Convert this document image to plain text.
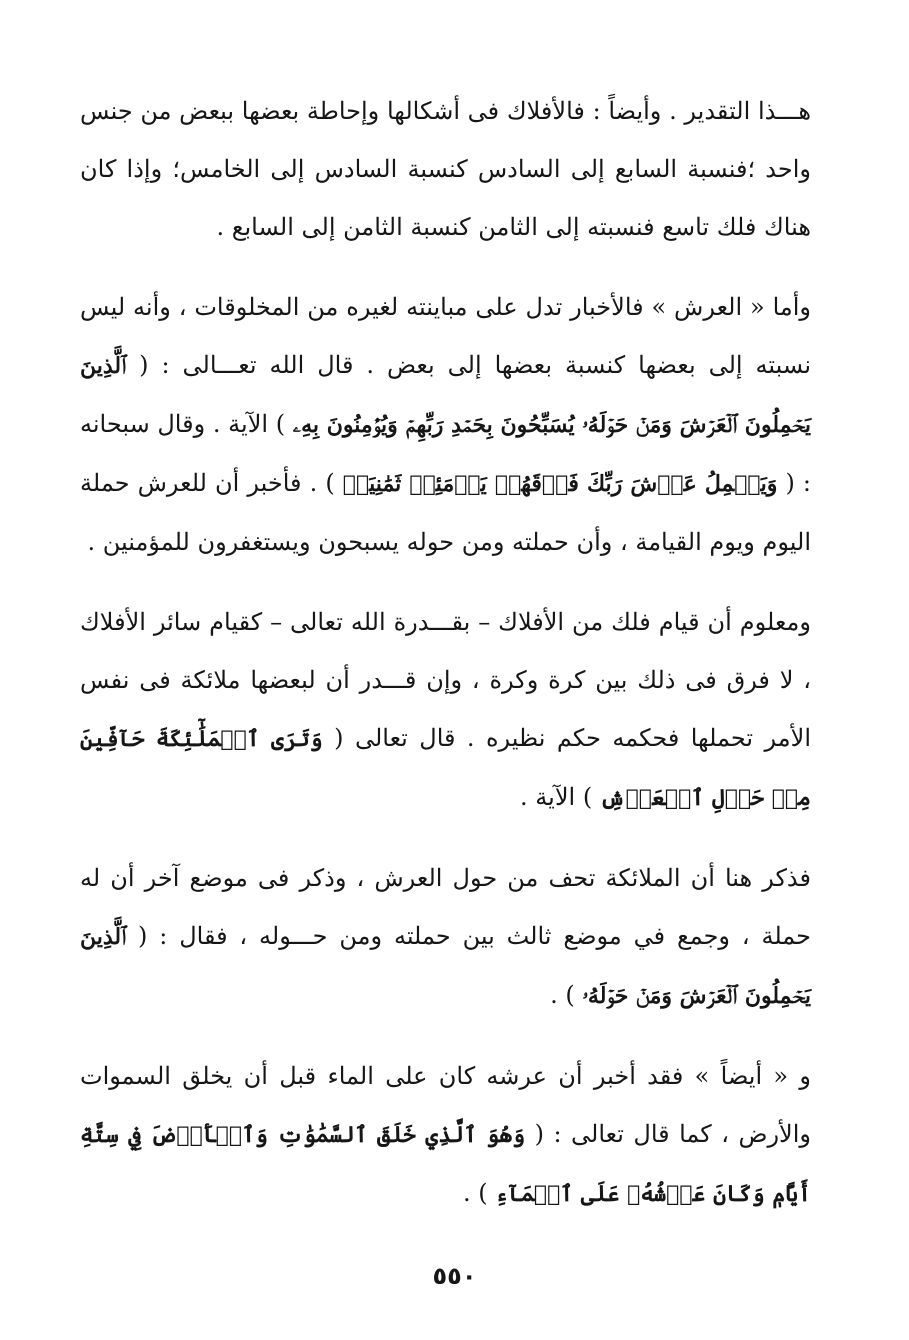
هـــذا التقدير . وأيضاً : فالأفلاك فى أشكالها وإحاطة بعضها ببعض من جنس واحد ؛فنسبة السابع إلى السادس كنسبة السادس إلى الخامس؛ وإذا كان هناك فلك تاسع فنسبته إلى الثامن كنسبة الثامن إلى السابع .

وأما « العرش » فالأخبار تدل على مباينته لغيره من المخلوقات ، وأنه ليس نسبته إلى بعضها كنسبة بعضها إلى بعض . قال الله تعـــالى : ( ٱلَّذِينَ يَحۡمِلُونَ ٱلۡعَرۡشَ وَمَنۡ حَوۡلَهُۥ يُسَبِّحُونَ بِحَمۡدِ رَبِّهِمۡ وَيُؤۡمِنُونَ بِهِۦ ) الآية . وقال سبحانه : ( وَيَحۡمِلُ عَرۡشَ رَبِّكَ فَوۡقَهُمۡ يَوۡمَئِذٖ ثَمَٰنِيَةٞ ) . فأخبر أن للعرش حملة اليوم ويوم القيامة ، وأن حملته ومن حوله يسبحون ويستغفرون للمؤمنين .

ومعلوم أن قيام فلك من الأفلاك – بقـــدرة الله تعالى – كقيام سائر الأفلاك ، لا فرق فى ذلك بين كرة وكرة ، وإن قـــدر أن لبعضها ملائكة فى نفس الأمر تحملها فحكمه حكم نظيره . قال تعالى ( وَتَرَى ٱلۡمَلَٰٓئِكَةَ حَآفِّينَ مِنۡ حَوۡلِ ٱلۡعَرۡشِ ) الآية .

فذكر هنا أن الملائكة تحف من حول العرش ، وذكر فى موضع آخر أن له حملة ، وجمع في موضع ثالث بين حملته ومن حـــوله ، فقال : ( ٱلَّذِينَ يَحۡمِلُونَ ٱلۡعَرۡشَ وَمَنۡ حَوۡلَهُۥ ) .

و « أيضاً » فقد أخبر أن عرشه كان على الماء قبل أن يخلق السموات والأرض ، كما قال تعالى : ( وَهُوَ ٱلَّذِي خَلَقَ ٱلسَّمَٰوَٰتِ وَٱلۡأَرۡضَ فِي سِتَّةِ أَيَّامٖ وَكَانَ عَرۡشُهُۥ عَلَى ٱلۡمَآءِ ) .

٥٥٠
